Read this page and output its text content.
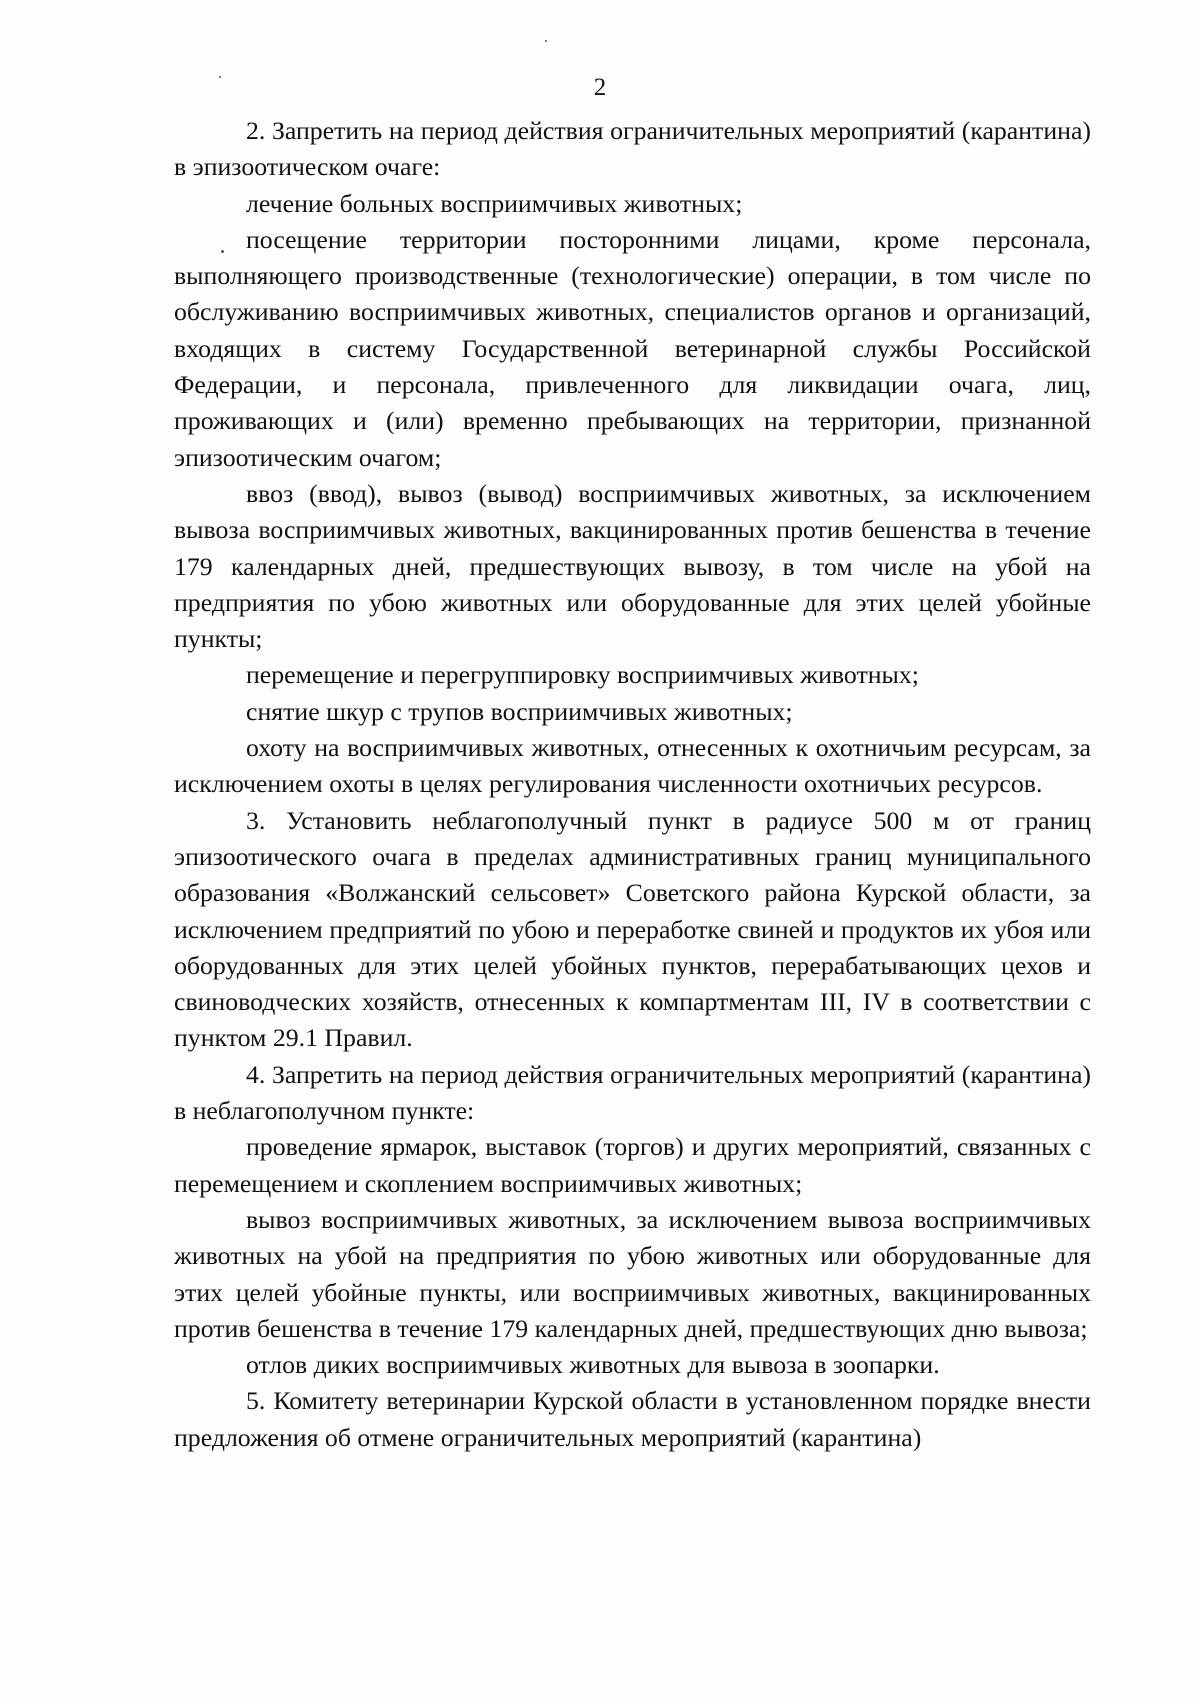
2

2. Запретить на период действия ограничительных мероприятий (карантина) в эпизоотическом очаге:

лечение больных восприимчивых животных;

посещение территории посторонними лицами, кроме персонала, выполняющего производственные (технологические) операции, в том числе по обслуживанию восприимчивых животных, специалистов органов и организаций, входящих в систему Государственной ветеринарной службы Российской Федерации, и персонала, привлеченного для ликвидации очага, лиц, проживающих и (или) временно пребывающих на территории, признанной эпизоотическим очагом;

ввоз (ввод), вывоз (вывод) восприимчивых животных, за исключением вывоза восприимчивых животных, вакцинированных против бешенства в течение 179 календарных дней, предшествующих вывозу, в том числе на убой на предприятия по убою животных или оборудованные для этих целей убойные пункты;

перемещение и перегруппировку восприимчивых животных;

снятие шкур с трупов восприимчивых животных;

охоту на восприимчивых животных, отнесенных к охотничьим ресурсам, за исключением охоты в целях регулирования численности охотничьих ресурсов.

3. Установить неблагополучный пункт в радиусе 500 м от границ эпизоотического очага в пределах административных границ муниципального образования «Волжанский сельсовет» Советского района Курской области, за исключением предприятий по убою и переработке свиней и продуктов их убоя или оборудованных для этих целей убойных пунктов, перерабатывающих цехов и свиноводческих хозяйств, отнесенных к компартментам III, IV в соответствии с пунктом 29.1 Правил.

4. Запретить на период действия ограничительных мероприятий (карантина) в неблагополучном пункте:

проведение ярмарок, выставок (торгов) и других мероприятий, связанных с перемещением и скоплением восприимчивых животных;

вывоз восприимчивых животных, за исключением вывоза восприимчивых животных на убой на предприятия по убою животных или оборудованные для этих целей убойные пункты, или восприимчивых животных, вакцинированных против бешенства в течение 179 календарных дней, предшествующих дню вывоза;

отлов диких восприимчивых животных для вывоза в зоопарки.

5. Комитету ветеринарии Курской области в установленном порядке внести предложения об отмене ограничительных мероприятий (карантина)
